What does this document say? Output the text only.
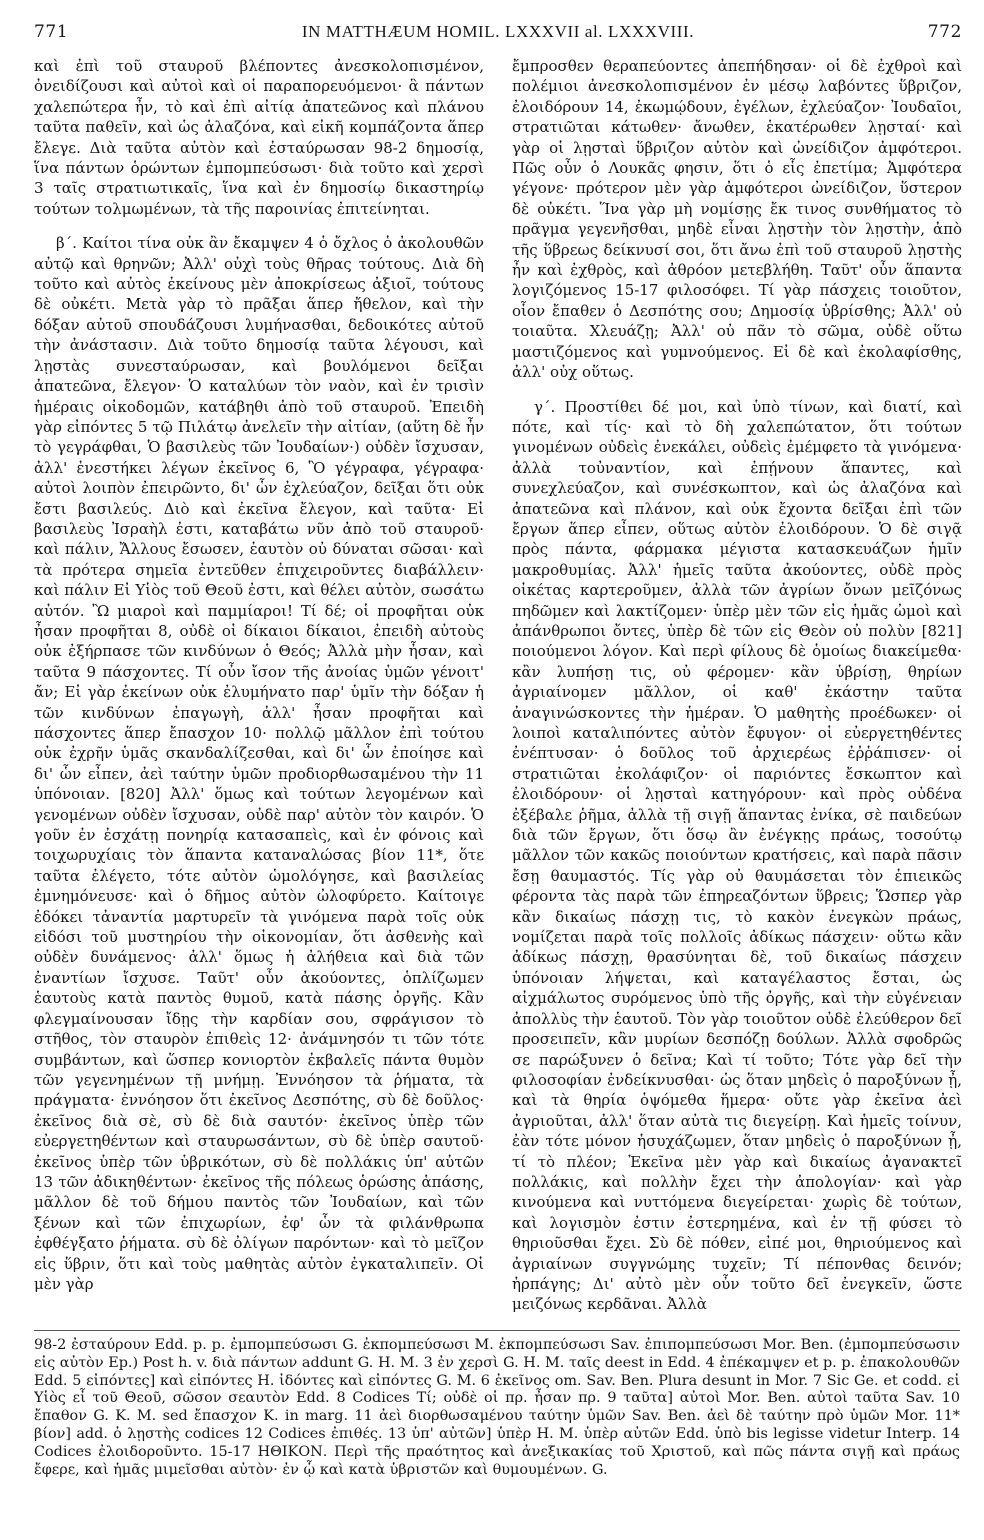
771	IN MATTHÆUM HOMIL. LXXXVII al. LXXXVIII.	772

καὶ ἐπὶ τοῦ σταυροῦ βλέποντες ἀνεσκολοπισμένον, ὀνειδίζουσι καὶ αὐτοὶ καὶ οἱ παραπορευόμενοι· ἃ πάντων χαλεπώτερα ἦν, τὸ καὶ ἐπὶ αἰτίᾳ ἀπατεῶνος καὶ πλάνου ταῦτα παθεῖν, καὶ ὡς ἀλαζόνα, καὶ εἰκῆ κομπάζοντα ἅπερ ἔλεγε. Διὰ ταῦτα αὐτὸν καὶ ἐσταύρωσαν 98-2 δημοσίᾳ, ἵνα πάντων ὁρώντων ἐμπομπεύσωσι· διὰ τοῦτο καὶ χερσὶ 3 ταῖς στρατιωτικαῖς, ἵνα καὶ ἐν δημοσίῳ δικαστηρίῳ τούτων τολμωμένων, τὰ τῆς παροινίας ἐπιτείνηται.

β΄. Καίτοι τίνα οὐκ ἂν ἔκαμψεν 4 ὁ ὄχλος ὁ ἀκολουθῶν αὐτῷ καὶ θρηνῶν; Ἀλλ' οὐχὶ τοὺς θῆρας τούτους. Διὰ δὴ τοῦτο καὶ αὐτὸς ἐκείνους μὲν ἀποκρίσεως ἀξιοῖ, τούτους δὲ οὐκέτι. Μετὰ γὰρ τὸ πρᾶξαι ἅπερ ἤθελον, καὶ τὴν δόξαν αὐτοῦ σπουδάζουσι λυμήνασθαι, δεδοικότες αὐτοῦ τὴν ἀνάστασιν. Διὰ τοῦτο δημοσίᾳ ταῦτα λέγουσι, καὶ λῃστὰς συνεσταύρωσαν, καὶ βουλόμενοι δεῖξαι ἀπατεῶνα, ἔλεγον· Ὁ καταλύων τὸν ναὸν, καὶ ἐν τρισὶν ἡμέραις οἰκοδομῶν, κατάβηθι ἀπὸ τοῦ σταυροῦ. Ἐπειδὴ γὰρ εἰπόντες 5 τῷ Πιλάτῳ ἀνελεῖν τὴν αἰτίαν, (αὕτη δὲ ἦν τὸ γεγράφθαι, Ὁ βασιλεὺς τῶν Ἰουδαίων·) οὐδὲν ἴσχυσαν, ἀλλ' ἐνεστήκει λέγων ἐκεῖνος 6, Ὃ γέγραφα, γέγραφα· αὐτοὶ λοιπὸν ἐπειρῶντο, δι' ὧν ἐχλεύαζον, δεῖξαι ὅτι οὐκ ἔστι βασιλεύς. Διὸ καὶ ἐκεῖνα ἔλεγον, καὶ ταῦτα· Εἰ βασιλεὺς Ἰσραὴλ ἐστι, καταβάτω νῦν ἀπὸ τοῦ σταυροῦ· καὶ πάλιν, Ἄλλους ἔσωσεν, ἑαυτὸν οὐ δύναται σῶσαι· καὶ τὰ πρότερα σημεῖα ἐντεῦθεν ἐπιχειροῦντες διαβάλλειν· καὶ πάλιν Εἰ Υἱὸς τοῦ Θεοῦ ἐστι, καὶ θέλει αὐτὸν, σωσάτω αὐτόν. Ὢ μιαροὶ καὶ παμμίαροι! Τί δέ; οἱ προφῆται οὐκ ἦσαν προφῆται 8, οὐδὲ οἱ δίκαιοι δίκαιοι, ἐπειδὴ αὐτοὺς οὐκ ἐξήρπασε τῶν κινδύνων ὁ Θεός; Ἀλλὰ μὴν ἦσαν, καὶ ταῦτα 9 πάσχοντες. Τί οὖν ἴσον τῆς ἀνοίας ὑμῶν γένοιτ' ἄν; Εἰ γὰρ ἐκείνων οὐκ ἐλυμήνατο παρ' ὑμῖν τὴν δόξαν ἡ τῶν κινδύνων ἐπαγωγὴ, ἀλλ' ἦσαν προφῆται καὶ πάσχοντες ἅπερ ἔπασχον 10· πολλῷ μᾶλλον ἐπὶ τούτου οὐκ ἐχρῆν ὑμᾶς σκανδαλίζεσθαι, καὶ δι' ὧν ἐποίησε καὶ δι' ὧν εἶπεν, ἀεὶ ταύτην ὑμῶν προδιορθωσαμένου τὴν 11 ὑπόνοιαν. [820] Ἀλλ' ὅμως καὶ τούτων λεγομένων καὶ γενομένων οὐδὲν ἴσχυσαν, οὐδὲ παρ' αὐτὸν τὸν καιρόν. Ὁ γοῦν ἐν ἐσχάτῃ πονηρίᾳ κατασαπεὶς, καὶ ἐν φόνοις καὶ τοιχωρυχίαις τὸν ἅπαντα καταναλώσας βίον 11*, ὅτε ταῦτα ἐλέγετο, τότε αὐτὸν ὡμολόγησε, καὶ βασιλείας ἐμνημόνευσε· καὶ ὁ δῆμος αὐτὸν ὠλοφύρετο. Καίτοιγε ἐδόκει τἀναντία μαρτυρεῖν τὰ γινόμενα παρὰ τοῖς οὐκ εἰδόσι τοῦ μυστηρίου τὴν οἰκονομίαν, ὅτι ἀσθενὴς καὶ οὐδὲν δυνάμενος· ἀλλ' ὅμως ἡ ἀλήθεια καὶ διὰ τῶν ἐναντίων ἴσχυσε. Ταῦτ' οὖν ἀκούοντες, ὁπλίζωμεν ἑαυτοὺς κατὰ παντὸς θυμοῦ, κατὰ πάσης ὀργῆς. Κἂν φλεγμαίνουσαν ἴδῃς τὴν καρδίαν σου, σφράγισον τὸ στῆθος, τὸν σταυρὸν ἐπιθεὶς 12· ἀνάμνησόν τι τῶν τότε συμβάντων, καὶ ὥσπερ κονιορτὸν ἐκβαλεῖς πάντα θυμὸν τῶν γεγενημένων τῇ μνήμῃ. Ἐννόησον τὰ ῥήματα, τὰ πράγματα· ἐννόησον ὅτι ἐκεῖνος Δεσπότης, σὺ δὲ δοῦλος· ἐκεῖνος διὰ σὲ, σὺ δὲ διὰ σαυτόν· ἐκεῖνος ὑπὲρ τῶν εὐεργετηθέντων καὶ σταυρωσάντων, σὺ δὲ ὑπὲρ σαυτοῦ· ἐκεῖνος ὑπὲρ τῶν ὑβρικότων, σὺ δὲ πολλάκις ὑπ' αὐτῶν 13 τῶν ἀδικηθέντων· ἐκεῖνος τῆς πόλεως ὁρώσης ἁπάσης, μᾶλλον δὲ τοῦ δήμου παντὸς τῶν Ἰουδαίων, καὶ τῶν ξένων καὶ τῶν ἐπιχωρίων, ἐφ' ὧν τὰ φιλάνθρωπα ἐφθέγξατο ῥήματα. σὺ δὲ ὀλίγων παρόντων· καὶ τὸ μεῖζον εἰς ὕβριν, ὅτι καὶ τοὺς μαθητὰς αὐτὸν ἐγκαταλιπεῖν. Οἱ μὲν γὰρ

ἔμπροσθεν θεραπεύοντες ἀπεπήδησαν· οἱ δὲ ἐχθροὶ καὶ πολέμιοι ἀνεσκολοπισμένον ἐν μέσῳ λαβόντες ὕβριζον, ἐλοιδόρουν 14, ἐκωμῴδουν, ἐγέλων, ἐχλεύαζον· Ἰουδαῖοι, στρατιῶται κάτωθεν· ἄνωθεν, ἑκατέρωθεν λῃσταί· καὶ γὰρ οἱ λῃσταὶ ὕβριζον αὐτὸν καὶ ὠνείδιζον ἀμφότεροι. Πῶς οὖν ὁ Λουκᾶς φησιν, ὅτι ὁ εἷς ἐπετίμα; Ἀμφότερα γέγονε· πρότερον μὲν γὰρ ἀμφότεροι ὠνείδιζον, ὕστερον δὲ οὐκέτι. Ἵνα γὰρ μὴ νομίσῃς ἔκ τινος συνθήματος τὸ πρᾶγμα γεγενῆσθαι, μηδὲ εἶναι λῃστὴν τὸν λῃστὴν, ἀπὸ τῆς ὕβρεως δείκνυσί σοι, ὅτι ἄνω ἐπὶ τοῦ σταυροῦ λῃστὴς ἦν καὶ ἐχθρὸς, καὶ ἀθρόον μετεβλήθη. Ταῦτ' οὖν ἅπαντα λογιζόμενος 15-17 φιλοσόφει. Τί γὰρ πάσχεις τοιοῦτον, οἷον ἔπαθεν ὁ Δεσπότης σου; Δημοσίᾳ ὑβρίσθης; Ἀλλ' οὐ τοιαῦτα. Χλευάζῃ; Ἀλλ' οὐ πᾶν τὸ σῶμα, οὐδὲ οὕτω μαστιζόμενος καὶ γυμνούμενος. Εἰ δὲ καὶ ἐκολαφίσθης, ἀλλ' οὐχ οὕτως.

γ΄. Προστίθει δέ μοι, καὶ ὑπὸ τίνων, καὶ διατί, καὶ πότε, καὶ τίς· καὶ τὸ δὴ χαλεπώτατον, ὅτι τούτων γινομένων οὐδεὶς ἐνεκάλει, οὐδεὶς ἐμέμφετο τὰ γινόμενα· ἀλλὰ τοὐναντίον, καὶ ἐπῄνουν ἅπαντες, καὶ συνεχλεύαζον, καὶ συνέσκωπτον, καὶ ὡς ἀλαζόνα καὶ ἀπατεῶνα καὶ πλάνον, καὶ οὐκ ἔχοντα δεῖξαι ἐπὶ τῶν ἔργων ἅπερ εἶπεν, οὕτως αὐτὸν ἐλοιδόρουν. Ὁ δὲ σιγᾷ πρὸς πάντα, φάρμακα μέγιστα κατασκευάζων ἡμῖν μακροθυμίας. Ἀλλ' ἡμεῖς ταῦτα ἀκούοντες, οὐδὲ πρὸς οἰκέτας καρτεροῦμεν, ἀλλὰ τῶν ἀγρίων ὄνων μεῖζόνως πηδῶμεν καὶ λακτίζομεν· ὑπὲρ μὲν τῶν εἰς ἡμᾶς ὠμοὶ καὶ ἀπάνθρωποι ὄντες, ὑπὲρ δὲ τῶν εἰς Θεὸν οὐ πολὺν [821] ποιούμενοι λόγον. Καὶ περὶ φίλους δὲ ὁμοίως διακείμεθα· κἂν λυπήσῃ τις, οὐ φέρομεν· κἂν ὑβρίσῃ, θηρίων ἀγριαίνομεν μᾶλλον, οἱ καθ' ἑκάστην ταῦτα ἀναγινώσκοντες τὴν ἡμέραν. Ὁ μαθητὴς προέδωκεν· οἱ λοιποὶ καταλιπόντες αὐτὸν ἔφυγον· οἱ εὐεργετηθέντες ἐνέπτυσαν· ὁ δοῦλος τοῦ ἀρχιερέως ἐῤῥάπισεν· οἱ στρατιῶται ἐκολάφιζον· οἱ παριόντες ἔσκωπτον καὶ ἐλοιδόρουν· οἱ λῃσταὶ κατηγόρουν· καὶ πρὸς οὐδένα ἐξέβαλε ῥῆμα, ἀλλὰ τῇ σιγῇ ἅπαντας ἐνίκα, σὲ παιδεύων διὰ τῶν ἔργων, ὅτι ὅσῳ ἂν ἐνέγκῃς πράως, τοσούτῳ μᾶλλον τῶν κακῶς ποιούντων κρατήσεις, καὶ παρὰ πᾶσιν ἔσῃ θαυμαστός. Τίς γὰρ οὐ θαυμάσεται τὸν ἐπιεικῶς φέροντα τὰς παρὰ τῶν ἐπηρεαζόντων ὕβρεις; Ὥσπερ γὰρ κἂν δικαίως πάσχῃ τις, τὸ κακὸν ἐνεγκὼν πράως, νομίζεται παρὰ τοῖς πολλοῖς ἀδίκως πάσχειν· οὕτω κἂν ἀδίκως πάσχῃ, θρασύνηται δὲ, τοῦ δικαίως πάσχειν ὑπόνοιαν λήψεται, καὶ καταγέλαστος ἔσται, ὡς αἰχμάλωτος συρόμενος ὑπὸ τῆς ὀργῆς, καὶ τὴν εὐγένειαν ἀπολλὺς τὴν ἑαυτοῦ. Τὸν γὰρ τοιοῦτον οὐδὲ ἐλεύθερον δεῖ προσειπεῖν, κἂν μυρίων δεσπόζῃ δούλων. Ἀλλὰ σφοδρῶς σε παρώξυνεν ὁ δεῖνα; Καὶ τί τοῦτο; Τότε γὰρ δεῖ τὴν φιλοσοφίαν ἐνδείκνυσθαι· ὡς ὅταν μηδεὶς ὁ παροξύνων ᾖ, καὶ τὰ θηρία ὁψόμεθα ἥμερα· οὔτε γὰρ ἐκεῖνα ἀεὶ ἀγριοῦται, ἀλλ' ὅταν αὐτὰ τις διεγείρῃ. Καὶ ἡμεῖς τοίνυν, ἐὰν τότε μόνον ἡσυχάζωμεν, ὅταν μηδεὶς ὁ παροξύνων ᾖ, τί τὸ πλέον; Ἐκεῖνα μὲν γὰρ καὶ δικαίως ἀγανακτεῖ πολλάκις, καὶ πολλὴν ἔχει τὴν ἀπολογίαν· καὶ γὰρ κινούμενα καὶ νυττόμενα διεγείρεται· χωρὶς δὲ τούτων, καὶ λογισμὸν ἐστιν ἐστερημένα, καὶ ἐν τῇ φύσει τὸ θηριοῦσθαι ἔχει. Σὺ δὲ πόθεν, εἰπέ μοι, θηριούμενος καὶ ἀγριαίνων συγγνώμης τυχεῖν; Τί πέπονθας δεινόν; ἡρπάγης; Δι' αὐτὸ μὲν οὖν τοῦτο δεῖ ἐνεγκεῖν, ὥστε μειζόνως κερδᾶναι. Ἀλλὰ

98-2 ἐσταύρουν Edd. p. p. ἐμπομπεύσωσι G. ἐκπομπεύσωσι M. ἐκπομπεύσωσι Sav. ἐπιπομπεύσωσι Mor. Ben. (ἐμπομπεύσωσιν εἰς αὐτὸν Ep.) Post h. v. διὰ πάντων addunt G. H. M. 3 ἐν χερσὶ G. H. M. ταῖς deest in Edd. 4 ἐπέκαμψεν et p. p. ἐπακολουθῶν Edd. 5 εἰπόντες] καὶ εἰπόντες H. ἰδόντες καὶ εἰπόντες G. M. 6 ἐκεῖνος om. Sav. Ben. Plura desunt in Mor. 7 Sic Ge. et codd. εἰ Υἱὸς εἶ τοῦ Θεοῦ, σῶσον σεαυτὸν Edd. 8 Codices Τί; οὐδὲ οἱ πρ. ἦσαν πρ. 9 ταῦτα] αὐτοὶ Mor. Ben. αὐτοὶ ταῦτα Sav. 10 ἔπαθον G. K. M. sed ἔπασχον K. in marg. 11 ἀεὶ διορθωσαμένου ταύτην ὑμῶν Sav. Ben. ἀεὶ δὲ ταύτην πρὸ ὑμῶν Mor. 11* βίον] add. ὁ λῃστὴς codices 12 Codices ἐπιθές. 13 ὑπ' αὐτῶν] ὑπὲρ H. M. ὑπὲρ αὐτῶν Edd. ὑπὸ bis legisse videtur Interp. 14 Codices ἐλοιδοροῦντο. 15-17 ΗΘΙΚΟΝ. Περὶ τῆς πραότητος καὶ ἀνεξικακίας τοῦ Χριστοῦ, καὶ πῶς πάντα σιγῇ καὶ πράως ἔφερε, καὶ ἡμᾶς μιμεῖσθαι αὐτὸν· ἐν ᾧ καὶ κατὰ ὑβριστῶν καὶ θυμουμένων. G.
